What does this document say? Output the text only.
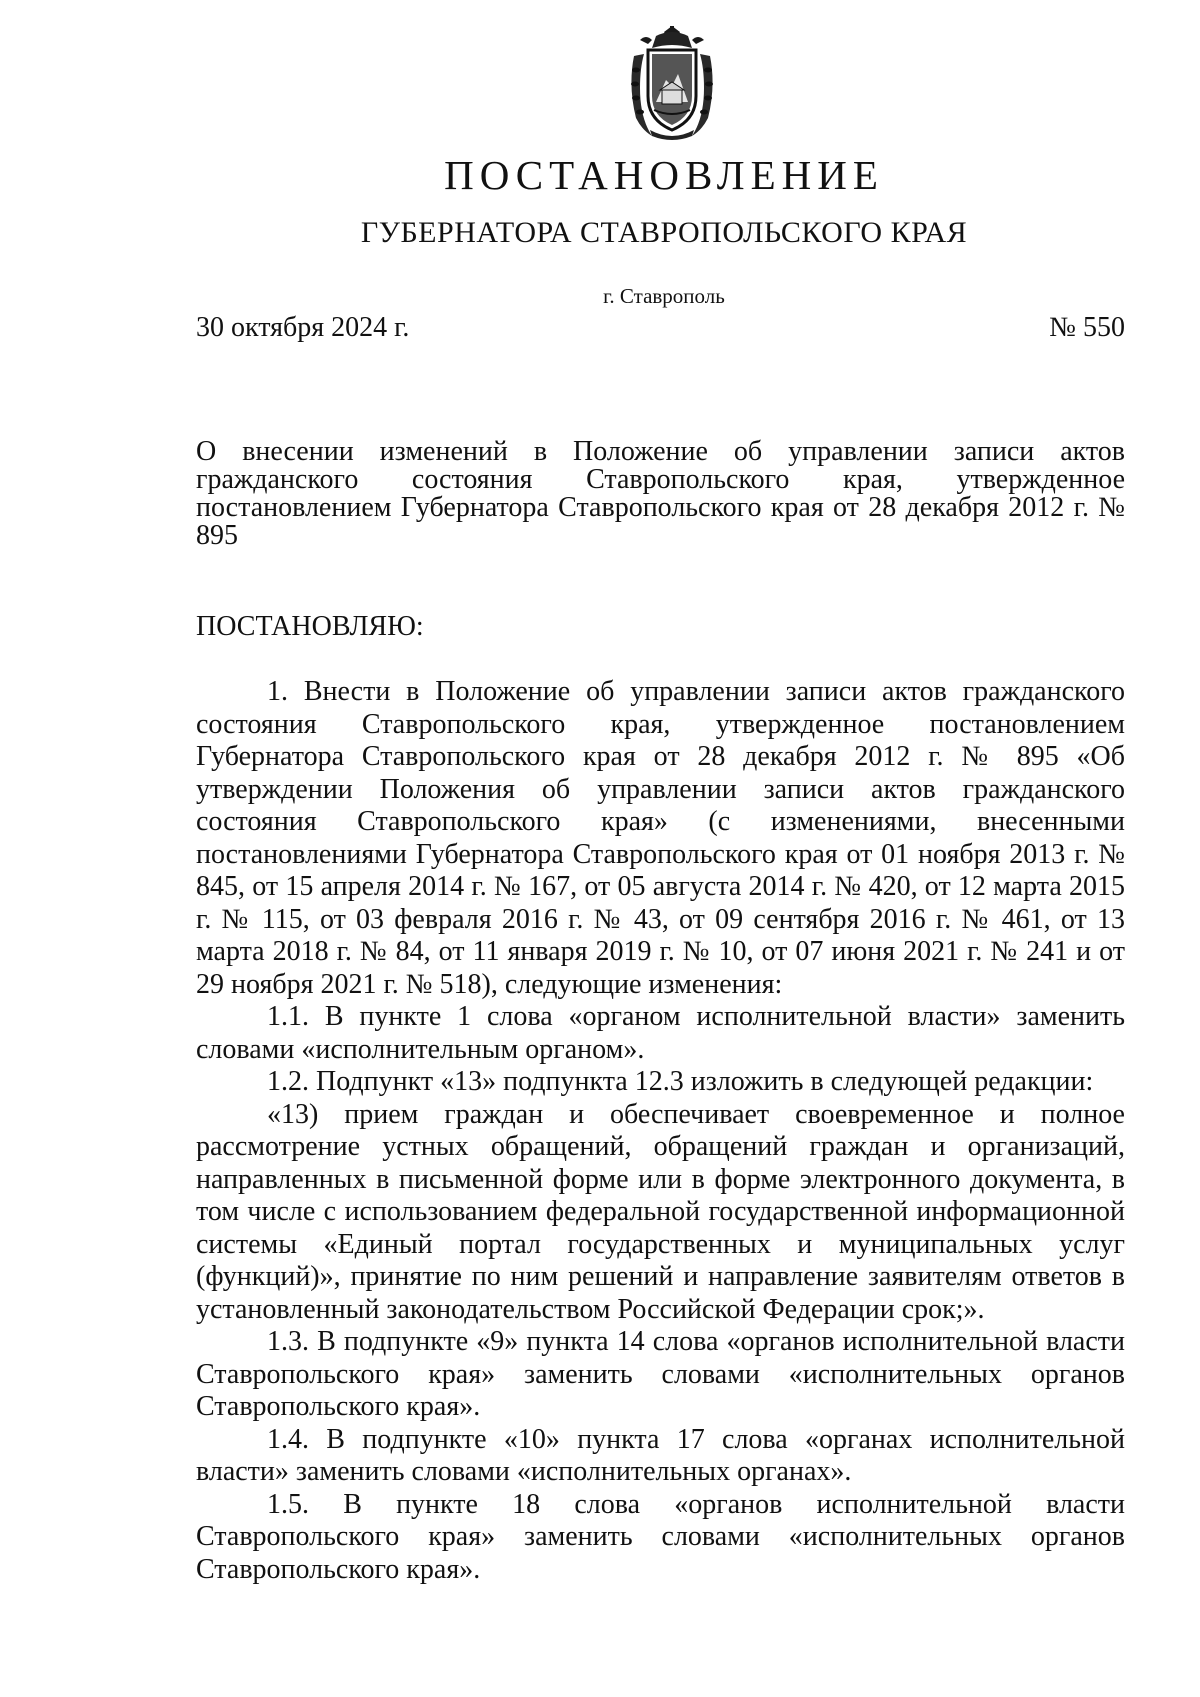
ПОСТАНОВЛЕНИЕ
ГУБЕРНАТОРА СТАВРОПОЛЬСКОГО КРАЯ
г. Ставрополь
30 октября 2024 г.	№ 550
О внесении изменений в Положение об управлении записи актов гражданского состояния Ставропольского края, утвержденное постановлением Губернатора Ставропольского края от 28 декабря 2012 г. № 895
ПОСТАНОВЛЯЮ:

1. Внести в Положение об управлении записи актов гражданского состояния Ставропольского края, утвержденное постановлением Губернатора Ставропольского края от 28 декабря 2012 г. № 895 «Об утверждении Положения об управлении записи актов гражданского состояния Ставропольского края» (с изменениями, внесенными постановлениями Губернатора Ставропольского края от 01 ноября 2013 г. № 845, от 15 апреля 2014 г. № 167, от 05 августа 2014 г. № 420, от 12 марта 2015 г. № 115, от 03 февраля 2016 г. № 43, от 09 сентября 2016 г. № 461, от 13 марта 2018 г. № 84, от 11 января 2019 г. № 10, от 07 июня 2021 г. № 241 и от 29 ноября 2021 г. № 518), следующие изменения:

1.1. В пункте 1 слова «органом исполнительной власти» заменить словами «исполнительным органом».

1.2. Подпункт «13» подпункта 12.3 изложить в следующей редакции:

«13) прием граждан и обеспечивает своевременное и полное рассмотрение устных обращений, обращений граждан и организаций, направленных в письменной форме или в форме электронного документа, в том числе с использованием федеральной государственной информационной системы «Единый портал государственных и муниципальных услуг (функций)», принятие по ним решений и направление заявителям ответов в установленный законодательством Российской Федерации срок;».

1.3. В подпункте «9» пункта 14 слова «органов исполнительной власти Ставропольского края» заменить словами «исполнительных органов Ставропольского края».

1.4. В подпункте «10» пункта 17 слова «органах исполнительной власти» заменить словами «исполнительных органах».

1.5. В пункте 18 слова «органов исполнительной власти Ставропольского края» заменить словами «исполнительных органов Ставропольского края».
